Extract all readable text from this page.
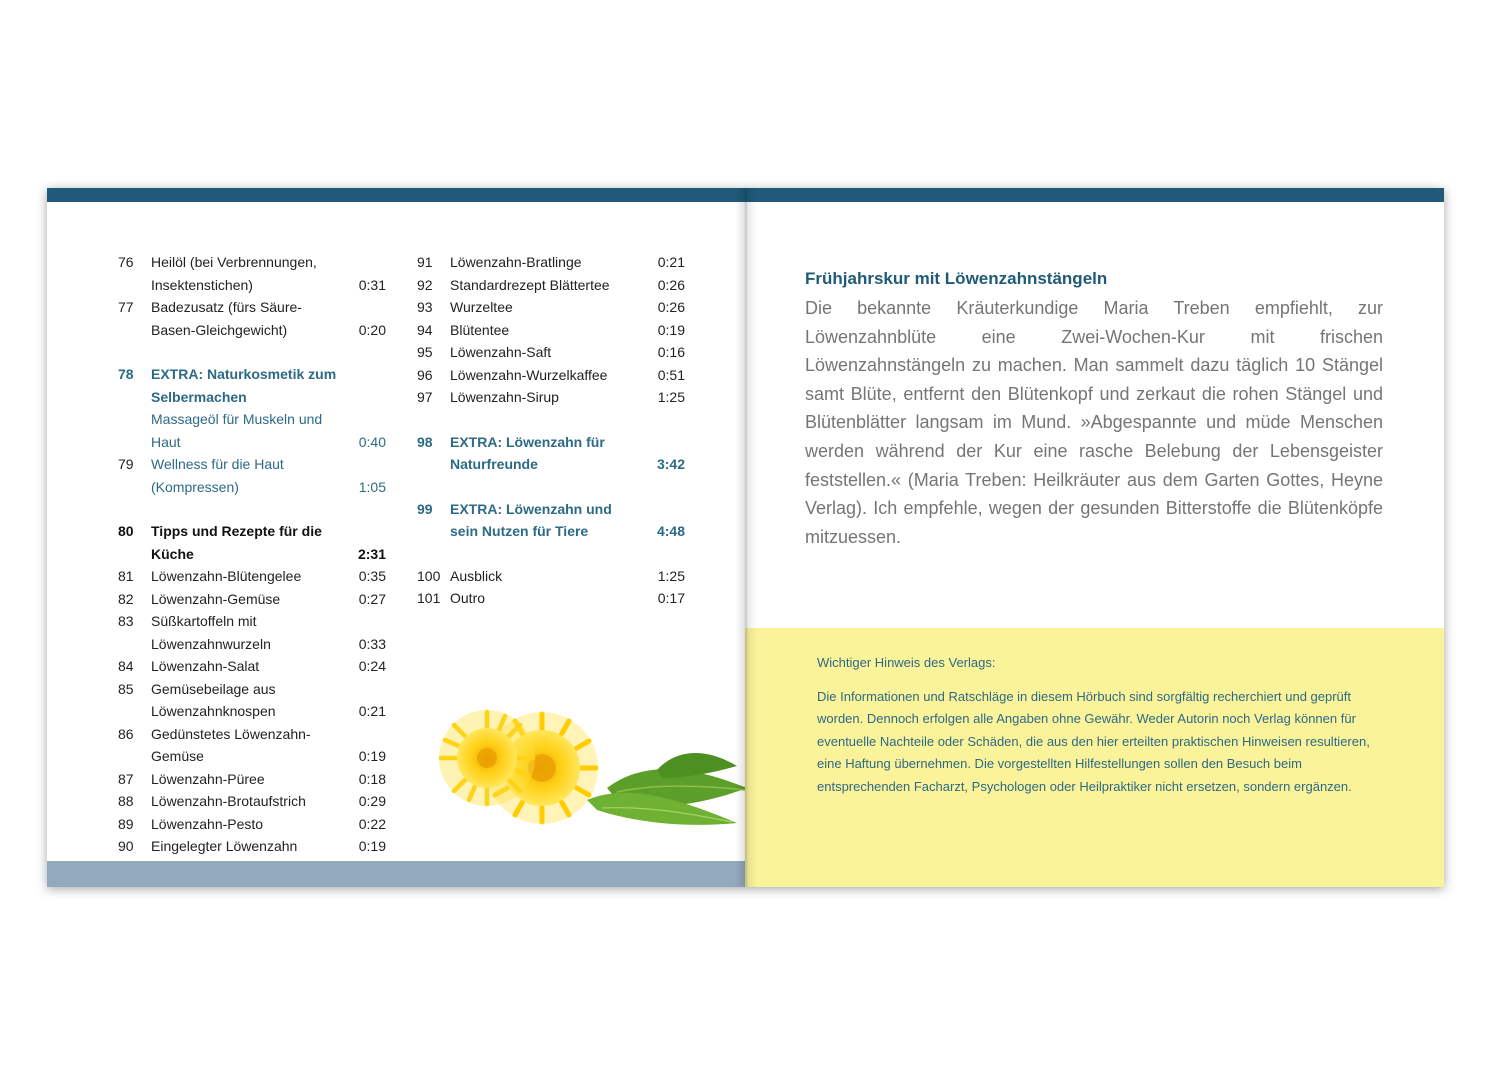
76 Heilöl (bei Verbrennungen, Insektenstichen)	0:31
77 Badezusatz (fürs Säure-Basen-Gleichgewicht)	0:20
78 EXTRA: Naturkosmetik zum Selbermachen
Massageöl für Muskeln und Haut	0:40
79 Wellness für die Haut (Kompressen)	1:05
80 Tipps und Rezepte für die Küche	2:31
81 Löwenzahn-Blütengelee	0:35
82 Löwenzahn-Gemüse	0:27
83 Süßkartoffeln mit Löwenzahnwurzeln	0:33
84 Löwenzahn-Salat	0:24
85 Gemüsebeilage aus Löwenzahnknospen	0:21
86 Gedünstetes Löwenzahn-Gemüse	0:19
87 Löwenzahn-Püree	0:18
88 Löwenzahn-Brotaufstrich	0:29
89 Löwenzahn-Pesto	0:22
90 Eingelegter Löwenzahn	0:19
91 Löwenzahn-Bratlinge	0:21
92 Standardrezept Blättertee	0:26
93 Wurzeltee	0:26
94 Blütentee	0:19
95 Löwenzahn-Saft	0:16
96 Löwenzahn-Wurzelkaffee	0:51
97 Löwenzahn-Sirup	1:25
98 EXTRA: Löwenzahn für Naturfreunde	3:42
99 EXTRA: Löwenzahn und sein Nutzen für Tiere	4:48
100 Ausblick	1:25
101 Outro	0:17
Frühjahrskur mit Löwenzahnstängeln
Die bekannte Kräuterkundige Maria Treben empfiehlt, zur Löwenzahnblüte eine Zwei-Wochen-Kur mit frischen Löwenzahnstängeln zu machen. Man sammelt dazu täglich 10 Stängel samt Blüte, entfernt den Blütenkopf und zerkaut die rohen Stängel und Blütenblätter langsam im Mund. »Abgespannte und müde Menschen werden während der Kur eine rasche Belebung der Lebensgeister feststellen.« (Maria Treben: Heilkräuter aus dem Garten Gottes, Heyne Verlag). Ich empfehle, wegen der gesunden Bitterstoffe die Blütenköpfe mitzuessen.
Wichtiger Hinweis des Verlags:
Die Informationen und Ratschläge in diesem Hörbuch sind sorgfältig recherchiert und geprüft worden. Dennoch erfolgen alle Angaben ohne Gewähr. Weder Autorin noch Verlag können für eventuelle Nachteile oder Schäden, die aus den hier erteilten praktischen Hinweisen resultieren, eine Haftung übernehmen. Die vorgestellten Hilfestellungen sollen den Besuch beim entsprechenden Facharzt, Psychologen oder Heilpraktiker nicht ersetzen, sondern ergänzen.
